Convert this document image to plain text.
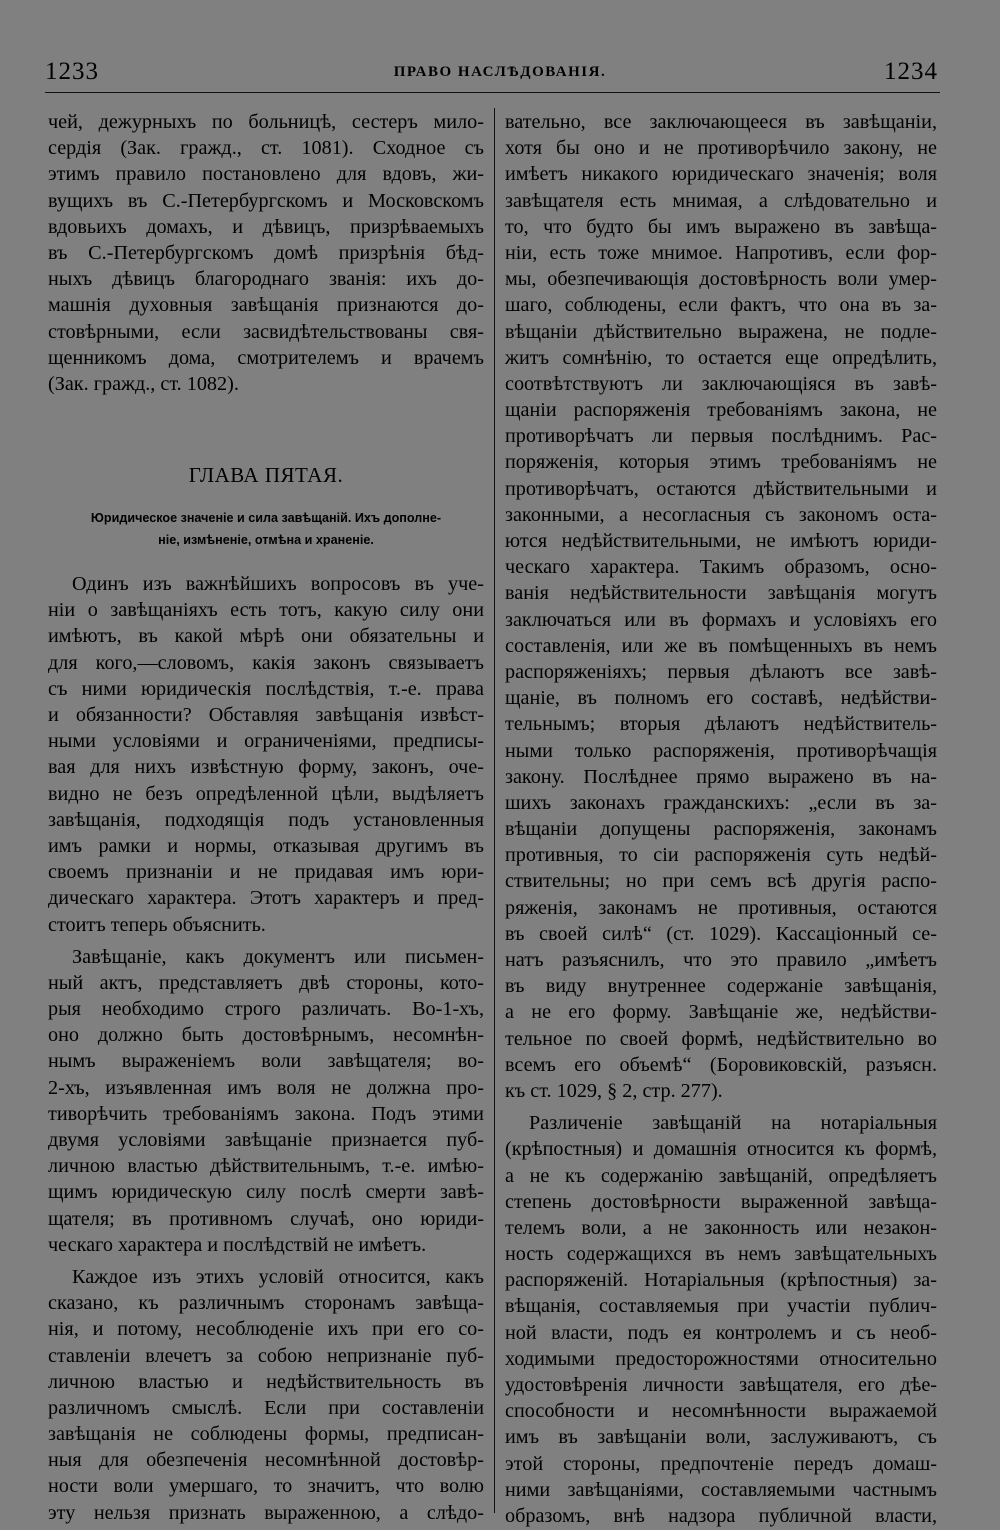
1233	ПРАВО НАСЛѢДОВАНІЯ.	1234
чей, дежурныхъ по больницѣ, сестеръ мило-
сердія (Зак. гражд., ст. 1081). Сходное съ
этимъ правило постановлено для вдовъ, жи-
вущихъ въ С.-Петербургскомъ и Московскомъ
вдовьихъ домахъ, и дѣвицъ, призрѣваемыхъ
въ С.-Петербургскомъ домѣ призрѣнія бѣд-
ныхъ дѣвицъ благороднаго званія: ихъ до-
машнія духовныя завѣщанія признаются до-
стовѣрными, если засвидѣтельствованы свя-
щенникомъ дома, смотрителемъ и врачемъ
(Зак. гражд., ст. 1082).
ГЛАВА ПЯТАЯ.
Юридическое значеніе и сила завѣщаній. Ихъ дополне-
ніе, измѣненіе, отмѣна и храненіе.
Одинъ изъ важнѣйшихъ вопросовъ въ уче-
ніи о завѣщаніяхъ есть тотъ, какую силу они
имѣютъ, въ какой мѣрѣ они обязательны и
для кого,—словомъ, какія законъ связываетъ
съ ними юридическія послѣдствія, т.-е. права
и обязанности? Обставляя завѣщанія извѣст-
ными условіями и ограниченіями, предписы-
вая для нихъ извѣстную форму, законъ, оче-
видно не безъ опредѣленной цѣли, выдѣляетъ
завѣщанія, подходящія подъ установленныя
имъ рамки и нормы, отказывая другимъ въ
своемъ признаніи и не придавая имъ юри-
дическаго характера. Этотъ характеръ и пред-
стоитъ теперь объяснить.
Завѣщаніе, какъ документъ или письмен-
ный актъ, представляетъ двѣ стороны, кото-
рыя необходимо строго различать. Во-1-хъ,
оно должно быть достовѣрнымъ, несомнѣн-
нымъ выраженіемъ воли завѣщателя; во-
2-хъ, изъявленная имъ воля не должна про-
тиворѣчить требованіямъ закона. Подъ этими
двумя условіями завѣщаніе признается пуб-
личною властью дѣйствительнымъ, т.-е. имѣю-
щимъ юридическую силу послѣ смерти завѣ-
щателя; въ противномъ случаѣ, оно юриди-
ческаго характера и послѣдствій не имѣетъ.
Каждое изъ этихъ условій относится, какъ
сказано, къ различнымъ сторонамъ завѣща-
нія, и потому, несоблюденіе ихъ при его со-
ставленіи влечетъ за собою непризнаніе пуб-
личною властью и недѣйствительность въ
различномъ смыслѣ. Если при составленіи
завѣщанія не соблюдены формы, предписан-
ныя для обезпеченія несомнѣнной достовѣр-
ности воли умершаго, то значитъ, что волю
эту нельзя признать выраженною, а слѣдо-
вательно, все заключающееся въ завѣщаніи,
хотя бы оно и не противорѣчило закону, не
имѣетъ никакого юридическаго значенія; воля
завѣщателя есть мнимая, а слѣдовательно и
то, что будто бы имъ выражено въ завѣща-
ніи, есть тоже мнимое. Напротивъ, если фор-
мы, обезпечивающія достовѣрность воли умер-
шаго, соблюдены, если фактъ, что она въ за-
вѣщаніи дѣйствительно выражена, не подле-
житъ сомнѣнію, то остается еще опредѣлить,
соотвѣтствуютъ ли заключающіяся въ завѣ-
щаніи распоряженія требованіямъ закона, не
противорѣчатъ ли первыя послѣднимъ. Рас-
поряженія, которыя этимъ требованіямъ не
противорѣчатъ, остаются дѣйствительными и
законными, а несогласныя съ закономъ оста-
ются недѣйствительными, не имѣютъ юриди-
ческаго характера. Такимъ образомъ, осно-
ванія недѣйствительности завѣщанія могутъ
заключаться или въ формахъ и условіяхъ его
составленія, или же въ помѣщенныхъ въ немъ
распоряженіяхъ; первыя дѣлаютъ все завѣ-
щаніе, въ полномъ его составѣ, недѣйстви-
тельнымъ; вторыя дѣлаютъ недѣйствитель-
ными только распоряженія, противорѣчащія
закону. Послѣднее прямо выражено въ на-
шихъ законахъ гражданскихъ: „если въ за-
вѣщаніи допущены распоряженія, законамъ
противныя, то сіи распоряженія суть недѣй-
ствительны; но при семъ всѣ другія распо-
ряженія, законамъ не противныя, остаются
въ своей силѣ“ (ст. 1029). Кассаціонный се-
натъ разъяснилъ, что это правило „имѣетъ
въ виду внутреннее содержаніе завѣщанія,
а не его форму. Завѣщаніе же, недѣйстви-
тельное по своей формѣ, недѣйствительно во
всемъ его объемѣ“ (Боровиковскій, разъясн.
къ ст. 1029, § 2, стр. 277).
Различеніе завѣщаній на нотаріальныя
(крѣпостныя) и домашнія относится къ формѣ,
а не къ содержанію завѣщаній, опредѣляетъ
степень достовѣрности выраженной завѣща-
телемъ воли, а не законность или незакон-
ность содержащихся въ немъ завѣщательныхъ
распоряженій. Нотаріальныя (крѣпостныя) за-
вѣщанія, составляемыя при участіи публич-
ной власти, подъ ея контролемъ и съ необ-
ходимыми предосторожностями относительно
удостовѣренія личности завѣщателя, его дѣе-
способности и несомнѣнности выражаемой
имъ въ завѣщаніи воли, заслуживаютъ, съ
этой стороны, предпочтеніе передъ домаш-
ними завѣщаніями, составляемыми частнымъ
образомъ, внѣ надзора публичной власти,
